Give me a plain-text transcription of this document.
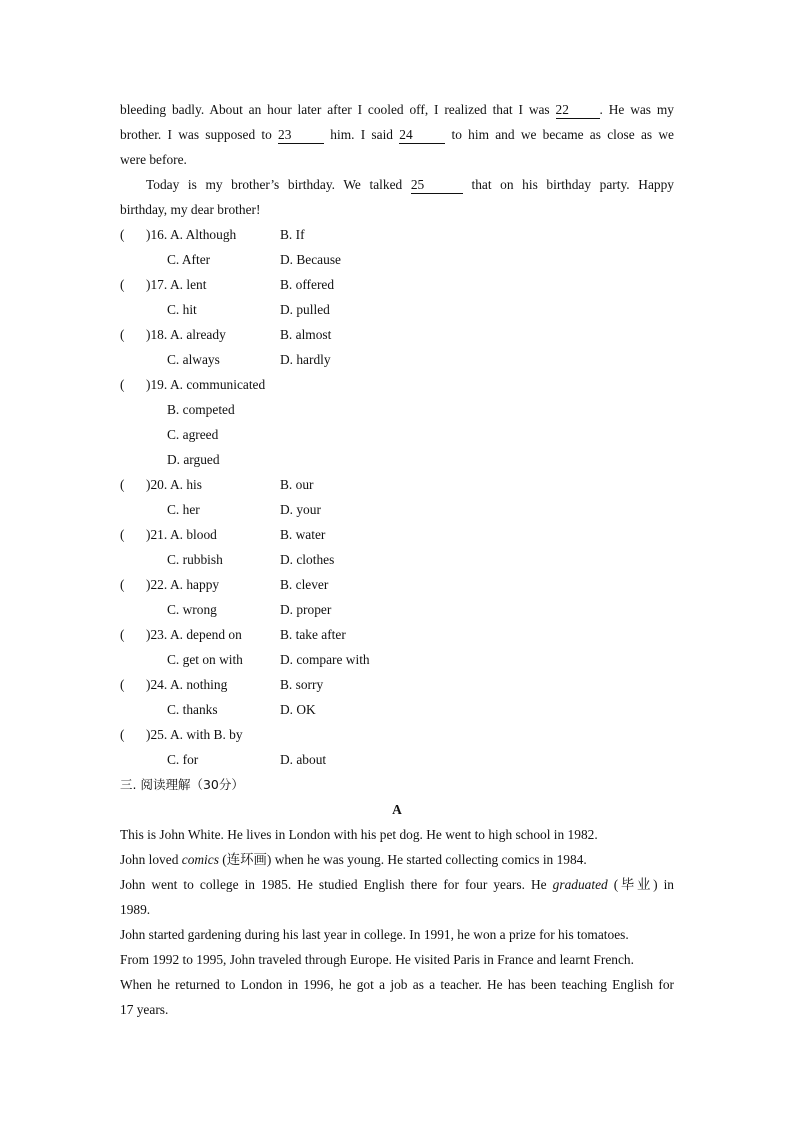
bleeding badly. About an hour later after I cooled off, I realized that I was 22 . He was my
brother. I was supposed to 23	him. I said 24	to him and we became as close as we
were before.
Today is my brother’s birthday. We talked 25	that on his birthday party. Happy
birthday, my dear brother!
( )16. A. Although	B. If
C. After	D. Because
( )17. A. lent	B. offered
C. hit	D. pulled
( )18. A. already	B. almost
C. always	D. hardly
( )19. A. communicated
B. competed
C. agreed
D. argued
( )20. A. his	B. our
C. her	D. your
( )21. A. blood	B. water
C. rubbish	D. clothes
( )22. A. happy	B. clever
C. wrong	D. proper
( )23. A. depend on	B. take after
C. get on with	D. compare with
( )24. A. nothing	B. sorry
C. thanks	D. OK
( )25. A. with B. by
C. for	D. about
三. 阅读理解（30分）
A
This is John White. He lives in London with his pet dog. He went to high school in 1982.
John loved comics (连环画) when he was young. He started collecting comics in 1984.
John went to college in 1985. He studied English there for four years. He graduated (毕业) in
1989.
John started gardening during his last year in college. In 1991, he won a prize for his tomatoes.
From 1992 to 1995, John traveled through Europe. He visited Paris in France and learnt French.
When he returned to London in 1996, he got a job as a teacher. He has been teaching English for
17 years.
